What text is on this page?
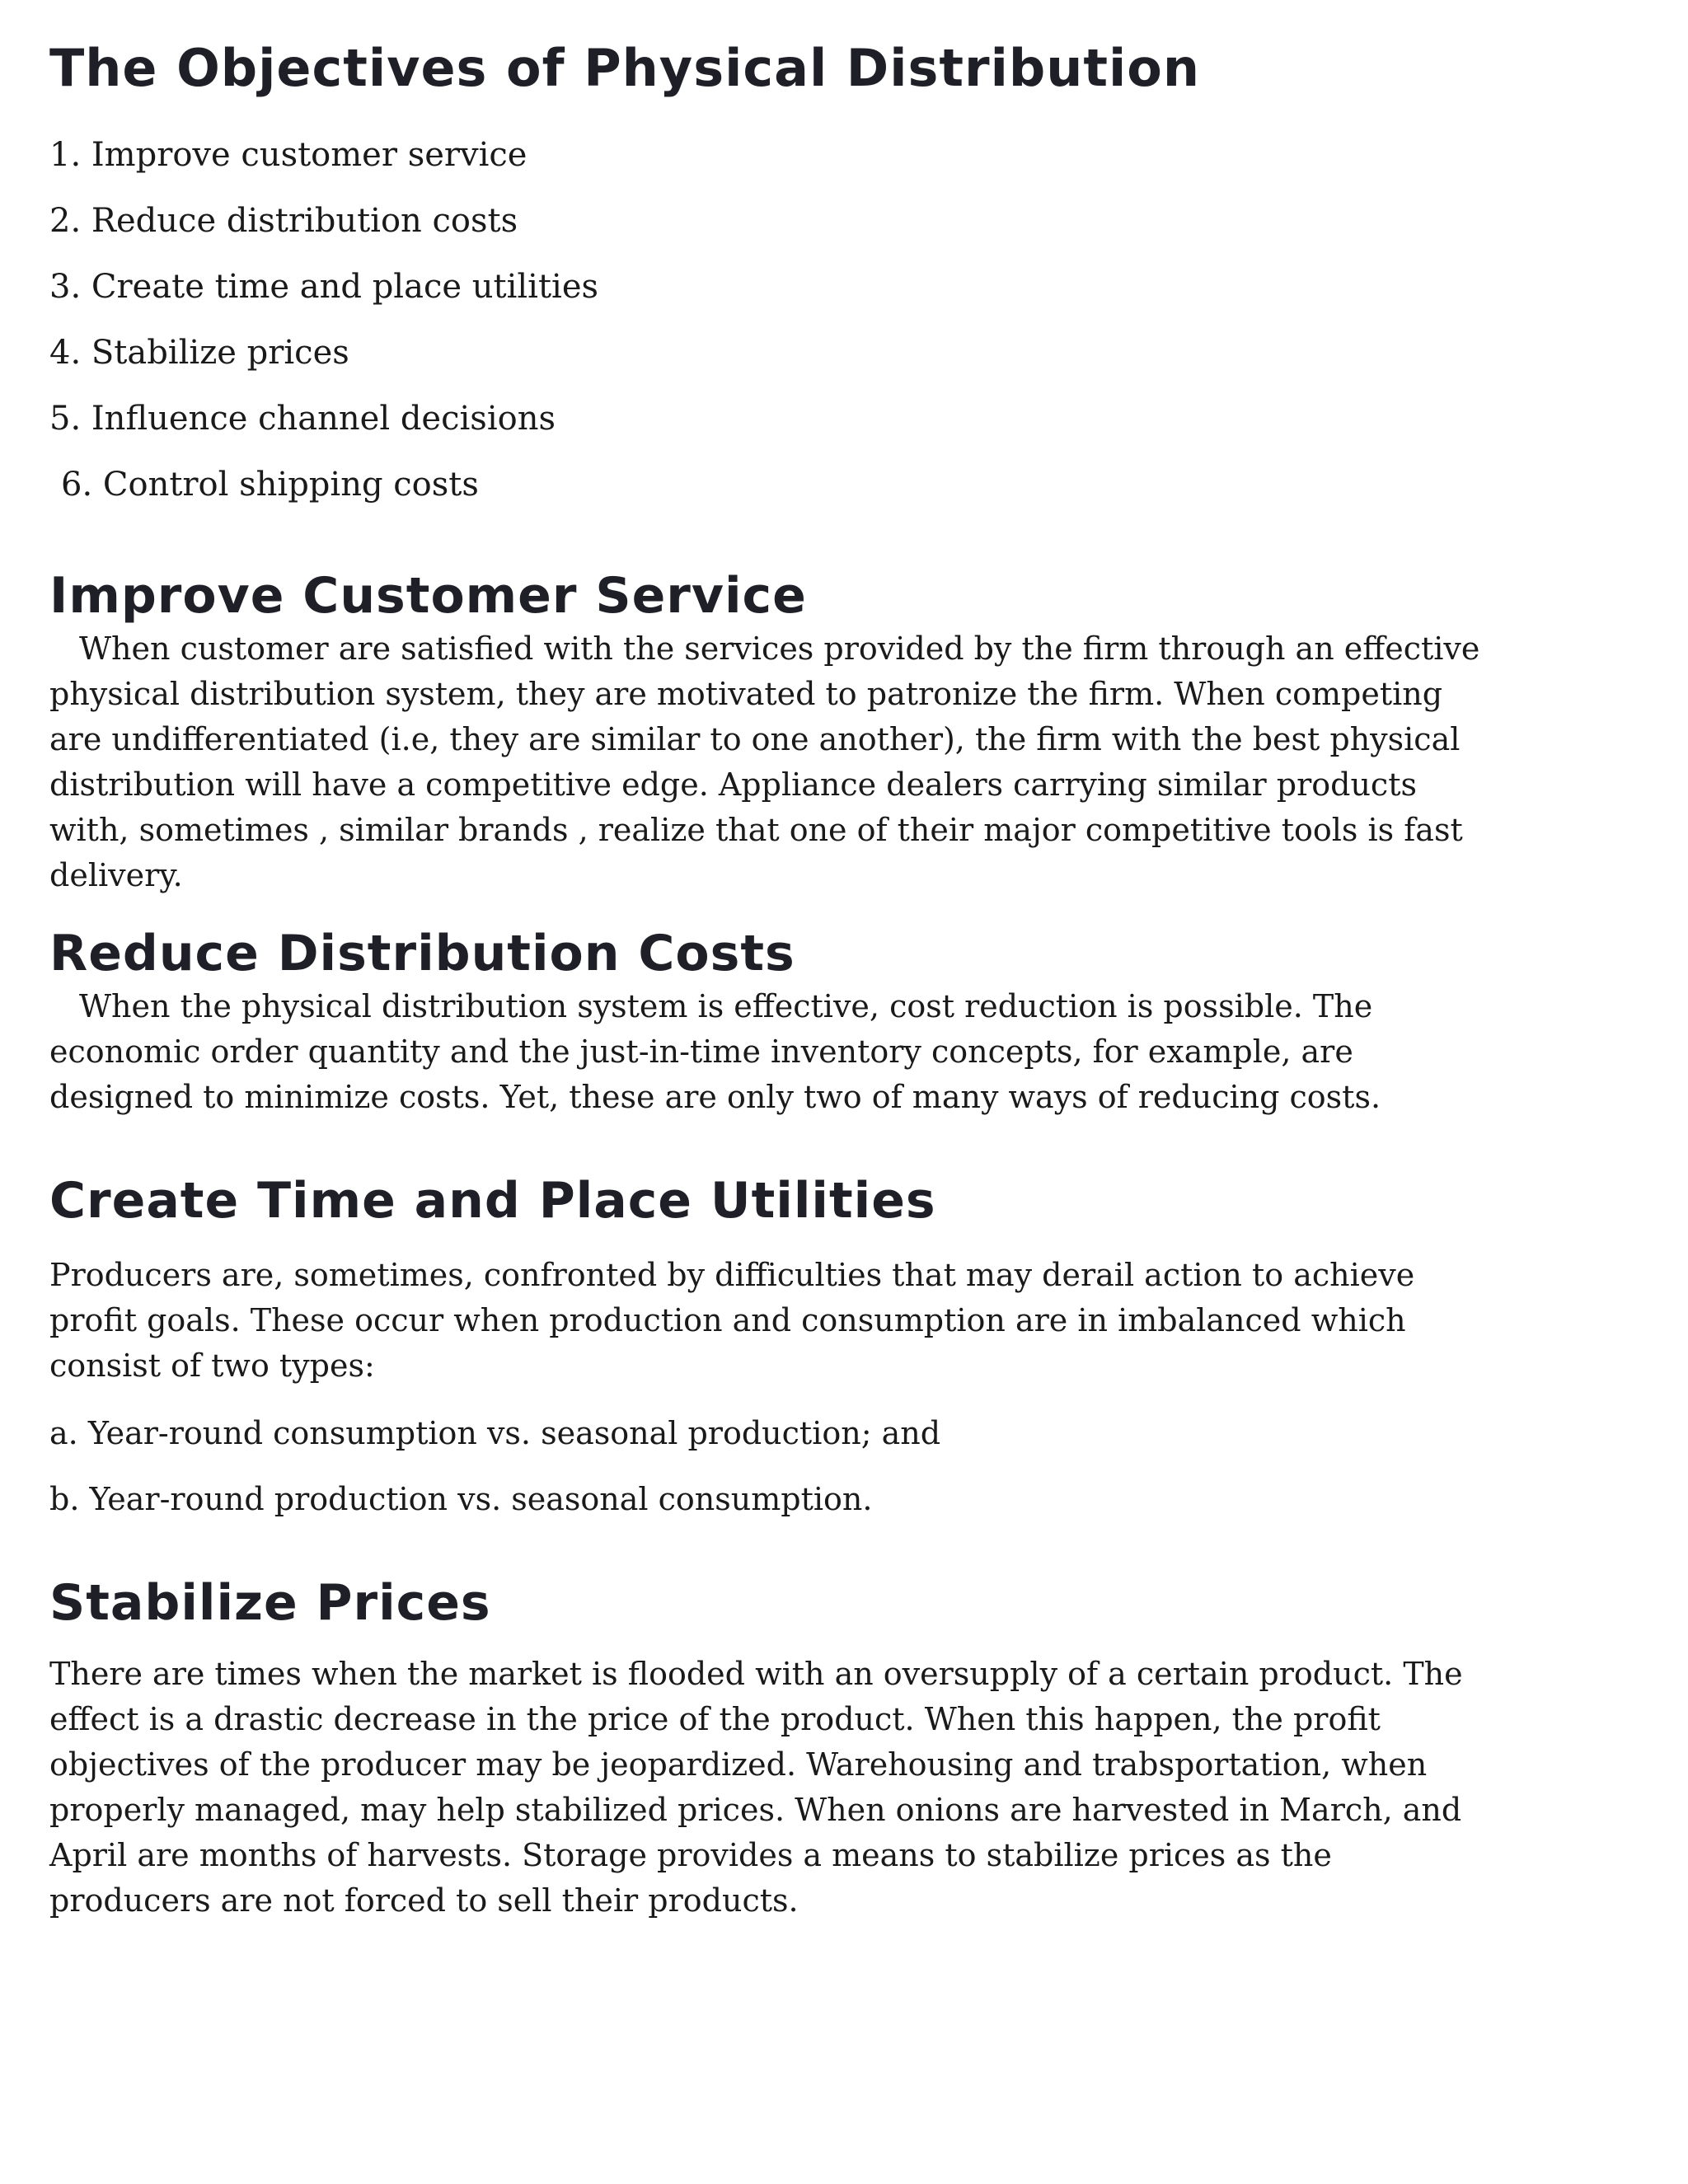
The Objectives of Physical Distribution
1. Improve customer service
2. Reduce distribution costs
3. Create time and place utilities
4. Stabilize prices
5. Influence channel decisions
6. Control shipping costs
Improve Customer Service

When customer are satisfied with the services provided by the firm through an effective physical distribution system, they are motivated to patronize the firm. When competing are undifferentiated (i.e, they are similar to one another), the firm with the best physical distribution will have a competitive edge. Appliance dealers carrying similar products with, sometimes , similar brands , realize that one of their major competitive tools is fast delivery.

Reduce Distribution Costs

When the physical distribution system is effective, cost reduction is possible. The economic order quantity and the just-in-time inventory concepts, for example, are designed to minimize costs. Yet, these are only two of many ways of reducing costs.

Create Time and Place Utilities

Producers are, sometimes, confronted by difficulties that may derail action to achieve profit goals. These occur when production and consumption are in imbalanced which consist of two types:

a. Year-round consumption vs. seasonal production; and
b. Year-round production vs. seasonal consumption.
Stabilize Prices

There are times when the market is flooded with an oversupply of a certain product. The effect is a drastic decrease in the price of the product. When this happen, the profit objectives of the producer may be jeopardized. Warehousing and trabsportation, when properly managed, may help stabilized prices. When onions are harvested in March, and April are months of harvests. Storage provides a means to stabilize prices as the producers are not forced to sell their products.
